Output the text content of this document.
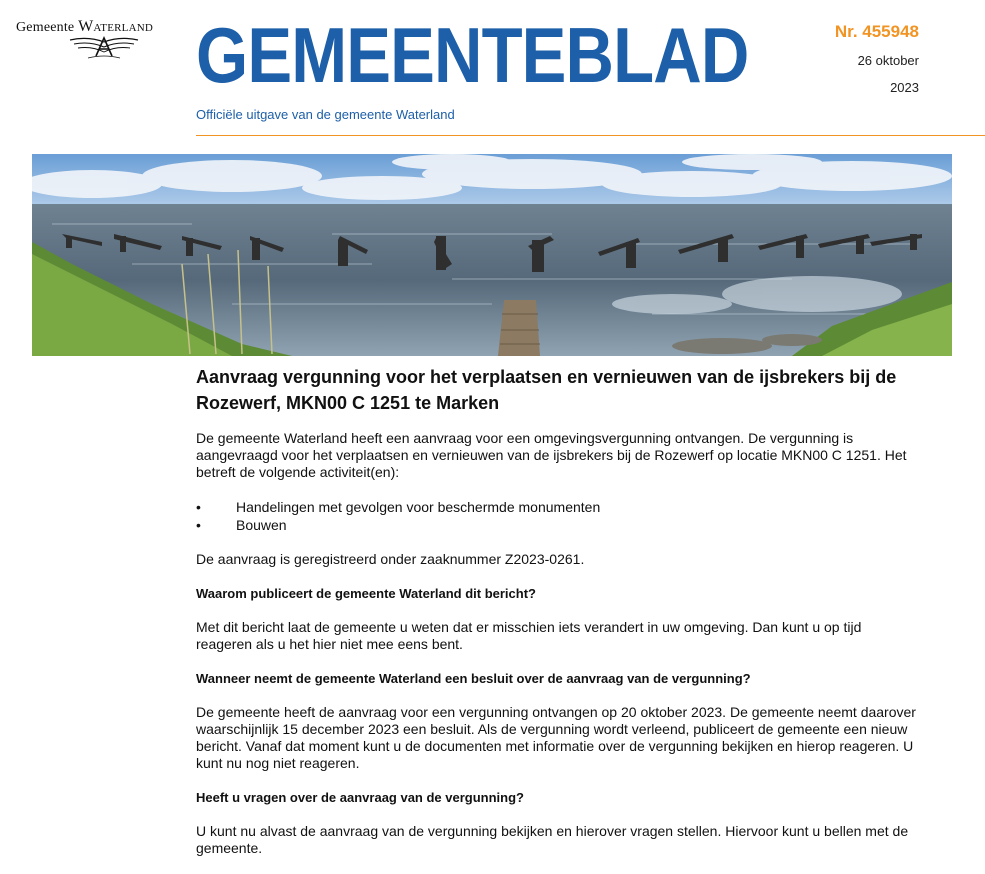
Gemeente Waterland GEMEENTEBLAD
Officiële uitgave van de gemeente Waterland
Nr. 455948
26 oktober
2023
Aanvraag vergunning voor het verplaatsen en vernieuwen van de ijsbrekers bij de Rozewerf, MKN00 C 1251 te Marken

De gemeente Waterland heeft een aanvraag voor een omgevingsvergunning ontvangen. De vergunning is aangevraagd voor het verplaatsen en vernieuwen van de ijsbrekers bij de Rozewerf op locatie MKN00 C 1251. Het betreft de volgende activiteit(en):

•	Handelingen met gevolgen voor beschermde monumenten
•	Bouwen

De aanvraag is geregistreerd onder zaaknummer Z2023-0261.

Waarom publiceert de gemeente Waterland dit bericht?

Met dit bericht laat de gemeente u weten dat er misschien iets verandert in uw omgeving. Dan kunt u op tijd reageren als u het hier niet mee eens bent.

Wanneer neemt de gemeente Waterland een besluit over de aanvraag van de vergunning?

De gemeente heeft de aanvraag voor een vergunning ontvangen op 20 oktober 2023. De gemeente neemt daarover waarschijnlijk 15 december 2023 een besluit. Als de vergunning wordt verleend, publiceert de gemeente een nieuw bericht. Vanaf dat moment kunt u de documenten met informatie over de vergunning bekijken en hierop reageren. U kunt nu nog niet reageren.

Heeft u vragen over de aanvraag van de vergunning?

U kunt nu alvast de aanvraag van de vergunning bekijken en hierover vragen stellen. Hiervoor kunt u bellen met de gemeente.
